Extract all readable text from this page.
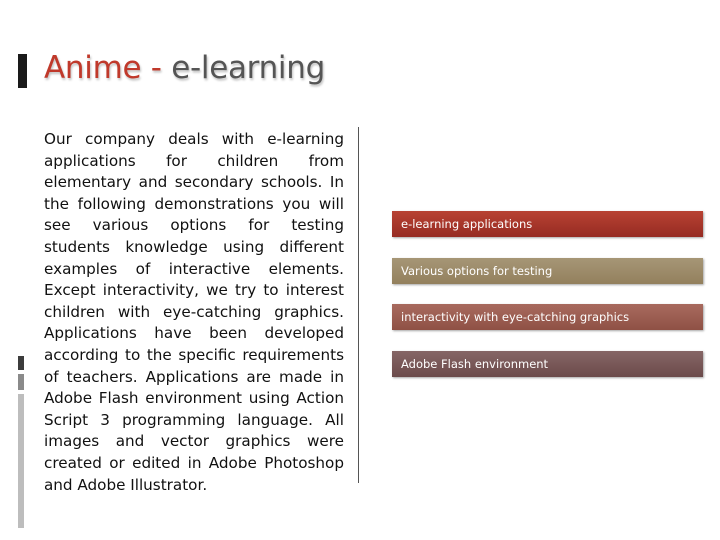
Anime - e-learning

Our company deals with e-learning applications for children from elementary and secondary schools. In the following demonstrations you will see various options for testing students knowledge using different examples of interactive elements. Except interactivity, we try to interest children with eye-catching graphics. Applications have been developed according to the specific requirements of teachers. Applications are made in Adobe Flash environment using Action Script 3 programming language. All images and vector graphics were created or edited in Adobe Photoshop and Adobe Illustrator.

e-learning applications
Various options for testing
interactivity with eye-catching graphics
Adobe Flash environment
